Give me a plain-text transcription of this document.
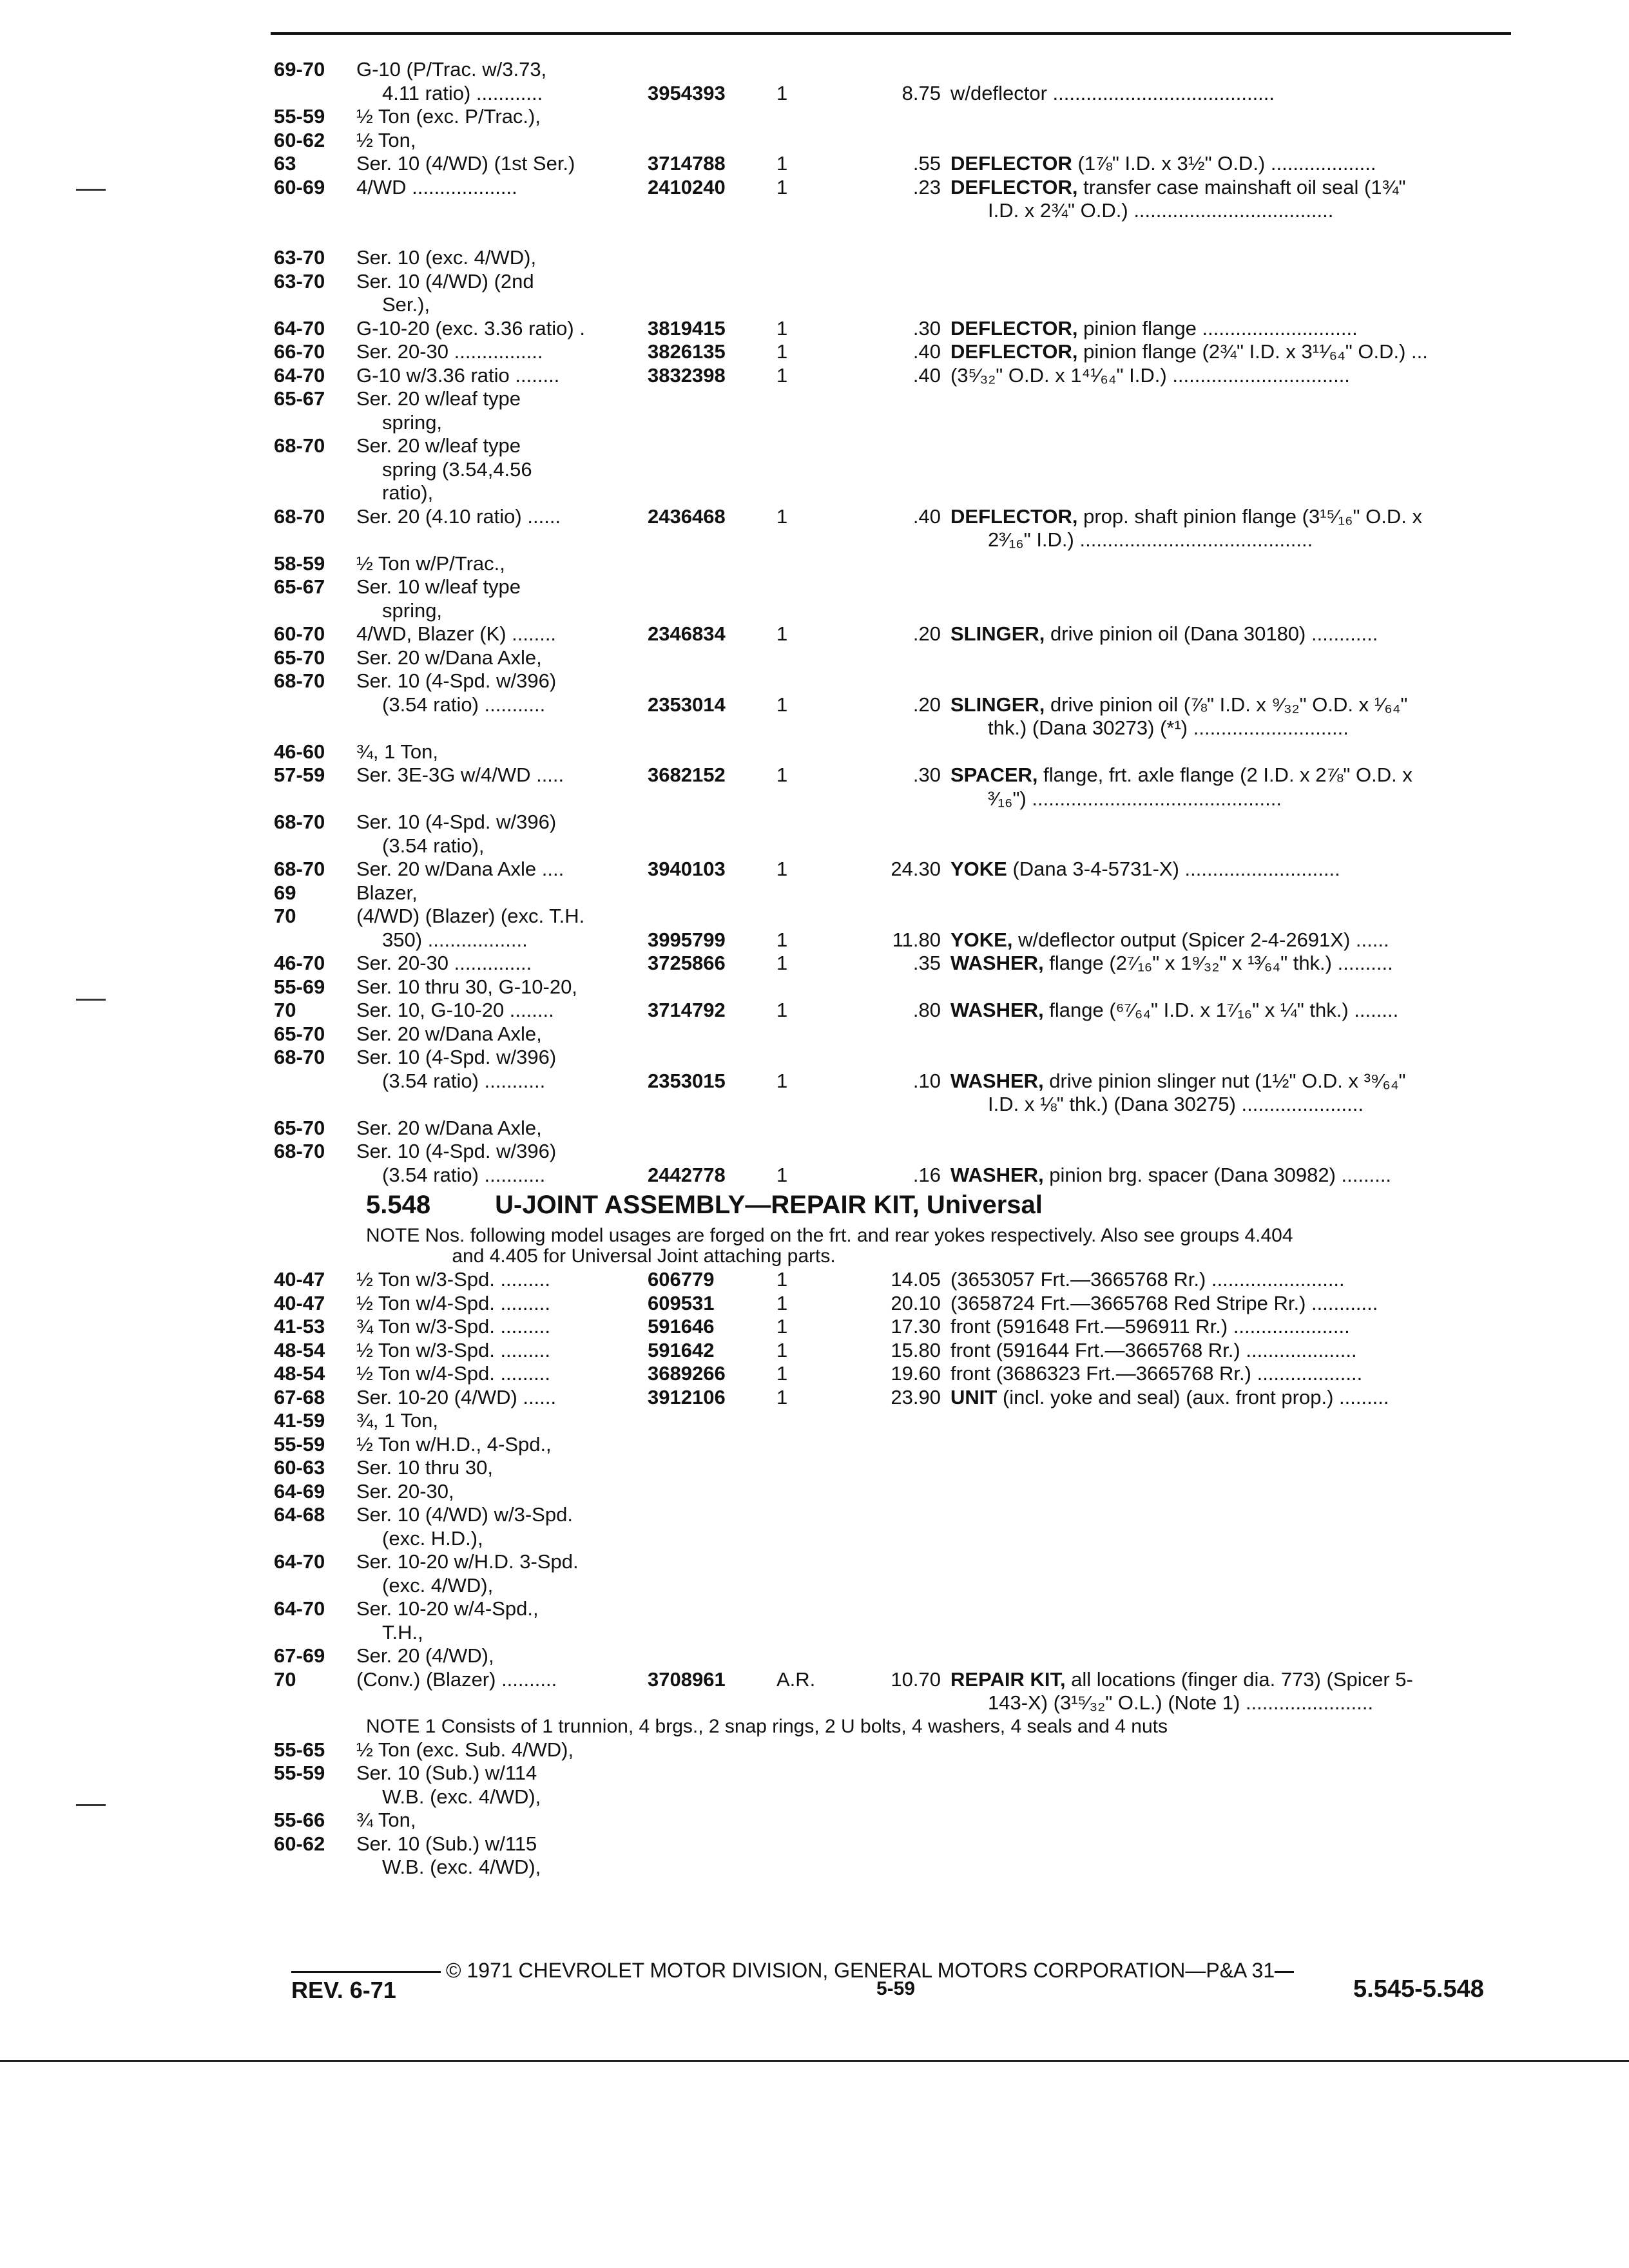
69-70	G-10 (P/Trac. w/3.73,
4.11 ratio) ............	3954393	1	8.75 w/deflector ........................................
55-59	½ Ton (exc. P/Trac.),
60-62	½ Ton,
63	Ser. 10 (4/WD) (1st Ser.)	3714788	1	.55 DEFLECTOR (1⅞" I.D. x 3½" O.D.) ...................
60-69	4/WD ...................	2410240	1	.23 DEFLECTOR, transfer case mainshaft oil seal (1¾"
I.D. x 2¾" O.D.) ....................................
63-70	Ser. 10 (exc. 4/WD),
63-70	Ser. 10 (4/WD) (2nd
Ser.),
64-70	G-10-20 (exc. 3.36 ratio) .	3819415	1	.30 DEFLECTOR, pinion flange ............................
66-70	Ser. 20-30 ................	3826135	1	.40 DEFLECTOR, pinion flange (2¾" I.D. x 3¹¹⁄₆₄" O.D.) ...
64-70	G-10 w/3.36 ratio ........	3832398	1	.40 (3⁵⁄₃₂" O.D. x 1⁴¹⁄₆₄" I.D.) ................................
65-67	Ser. 20 w/leaf type
spring,
68-70	Ser. 20 w/leaf type
spring (3.54,4.56
ratio),
68-70	Ser. 20 (4.10 ratio) ......	2436468	1	.40 DEFLECTOR, prop. shaft pinion flange (3¹⁵⁄₁₆" O.D. x
2³⁄₁₆" I.D.) ..........................................
58-59	½ Ton w/P/Trac.,
65-67	Ser. 10 w/leaf type
spring,
60-70	4/WD, Blazer (K) ........	2346834	1	.20 SLINGER, drive pinion oil (Dana 30180) ............
65-70	Ser. 20 w/Dana Axle,
68-70	Ser. 10 (4-Spd. w/396)
(3.54 ratio) ...........	2353014	1	.20 SLINGER, drive pinion oil (⅞" I.D. x ⁹⁄₃₂" O.D. x ¹⁄₆₄"
thk.) (Dana 30273) (*¹) ............................
46-60	¾, 1 Ton,
57-59	Ser. 3E-3G w/4/WD .....	3682152	1	.30 SPACER, flange, frt. axle flange (2 I.D. x 2⅞" O.D. x
³⁄₁₆") .............................................
68-70	Ser. 10 (4-Spd. w/396)
(3.54 ratio),
68-70	Ser. 20 w/Dana Axle ....	3940103	1	24.30 YOKE (Dana 3-4-5731-X) ............................
69	Blazer,
70	(4/WD) (Blazer) (exc. T.H.
350) ..................	3995799	1	11.80 YOKE, w/deflector output (Spicer 2-4-2691X) ......
46-70	Ser. 20-30 ..............	3725866	1	.35 WASHER, flange (2⁷⁄₁₆" x 1⁹⁄₃₂" x ¹³⁄₆₄" thk.) ..........
55-69	Ser. 10 thru 30, G-10-20,
70	Ser. 10, G-10-20 ........	3714792	1	.80 WASHER, flange (⁶⁷⁄₆₄" I.D. x 1⁷⁄₁₆" x ¼" thk.) ........
65-70	Ser. 20 w/Dana Axle,
68-70	Ser. 10 (4-Spd. w/396)
(3.54 ratio) ...........	2353015	1	.10 WASHER, drive pinion slinger nut (1½" O.D. x ³⁹⁄₆₄"
I.D. x ⅛" thk.) (Dana 30275) ......................
65-70	Ser. 20 w/Dana Axle,
68-70	Ser. 10 (4-Spd. w/396)
(3.54 ratio) ...........	2442778	1	.16 WASHER, pinion brg. spacer (Dana 30982) .........
5.548	U-JOINT ASSEMBLY—REPAIR KIT, Universal
NOTE Nos. following model usages are forged on the frt. and rear yokes respectively. Also see groups 4.404
and 4.405 for Universal Joint attaching parts.
40-47	½ Ton w/3-Spd. .........	606779	1	14.05 (3653057 Frt.—3665768 Rr.) ........................
40-47	½ Ton w/4-Spd. .........	609531	1	20.10 (3658724 Frt.—3665768 Red Stripe Rr.) ............
41-53	¾ Ton w/3-Spd. .........	591646	1	17.30 front (591648 Frt.—596911 Rr.) .....................
48-54	½ Ton w/3-Spd. .........	591642	1	15.80 front (591644 Frt.—3665768 Rr.) ....................
48-54	½ Ton w/4-Spd. .........	3689266	1	19.60 front (3686323 Frt.—3665768 Rr.) ...................
67-68	Ser. 10-20 (4/WD) ......	3912106	1	23.90 UNIT (incl. yoke and seal) (aux. front prop.) .........
41-59	¾, 1 Ton,
55-59	½ Ton w/H.D., 4-Spd.,
60-63	Ser. 10 thru 30,
64-69	Ser. 20-30,
64-68	Ser. 10 (4/WD) w/3-Spd.
(exc. H.D.),
64-70	Ser. 10-20 w/H.D. 3-Spd.
(exc. 4/WD),
64-70	Ser. 10-20 w/4-Spd.,
T.H.,
67-69	Ser. 20 (4/WD),
70	(Conv.) (Blazer) ..........	3708961	A.R.	10.70 REPAIR KIT, all locations (finger dia. 773) (Spicer 5-
143-X) (3¹⁵⁄₃₂" O.L.) (Note 1) .......................
NOTE 1 Consists of 1 trunnion, 4 brgs., 2 snap rings, 2 U bolts, 4 washers, 4 seals and 4 nuts
55-65	½ Ton (exc. Sub. 4/WD),
55-59	Ser. 10 (Sub.) w/114
W.B. (exc. 4/WD),
55-66	¾ Ton,
60-62	Ser. 10 (Sub.) w/115
W.B. (exc. 4/WD),
© 1971 CHEVROLET MOTOR DIVISION, GENERAL MOTORS CORPORATION—P&A 31
REV. 6-71	5-59	5.545-5.548
